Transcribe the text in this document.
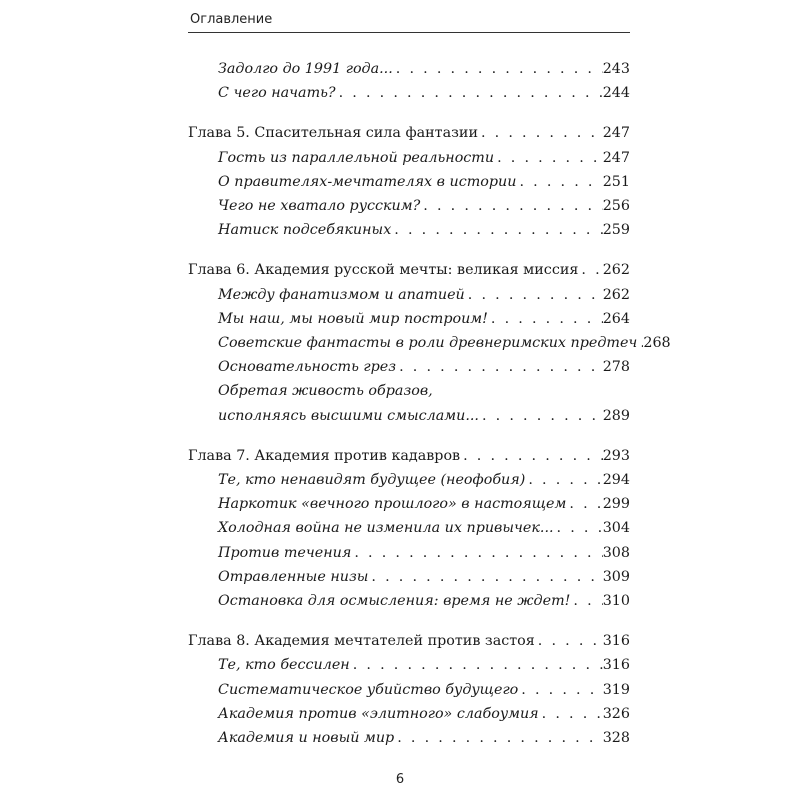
Оглавление
Задолго до 1991 года... . . .	243
С чего начать? . . .	244
Глава 5. Спасительная сила фантазии . . .	247
Гость из параллельной реальности . . .	247
О правителях-мечтателях в истории . . .	251
Чего не хватало русским? . . .	256
Натиск подсебякиных . . .	259
Глава 6. Академия русской мечты: великая миссия . . . 262
Между фанатизмом и апатией . . .	262
Мы наш, мы новый мир построим! . . .	264
Советские фантасты в роли древнеримских предтеч . . . 268
Основательность грез . . .	278
Обретая живость образов,
исполняясь высшими смыслами... . . .	289
Глава 7. Академия против кадавров . . .	293
Те, кто ненавидят будущее (неофобия) . . .	294
Наркотик «вечного прошлого» в настоящем . . .	299
Холодная война не изменила их привычек... . . .	304
Против течения . . .	308
Отравленные низы . . .	309
Остановка для осмысления: время не ждет! . . . 310
Глава 8. Академия мечтателей против застоя . . .	316
Те, кто бессилен . . .	316
Систематическое убийство будущего . . .	319
Академия против «элитного» слабоумия . . .	326
Академия и новый мир . . .	328
6
